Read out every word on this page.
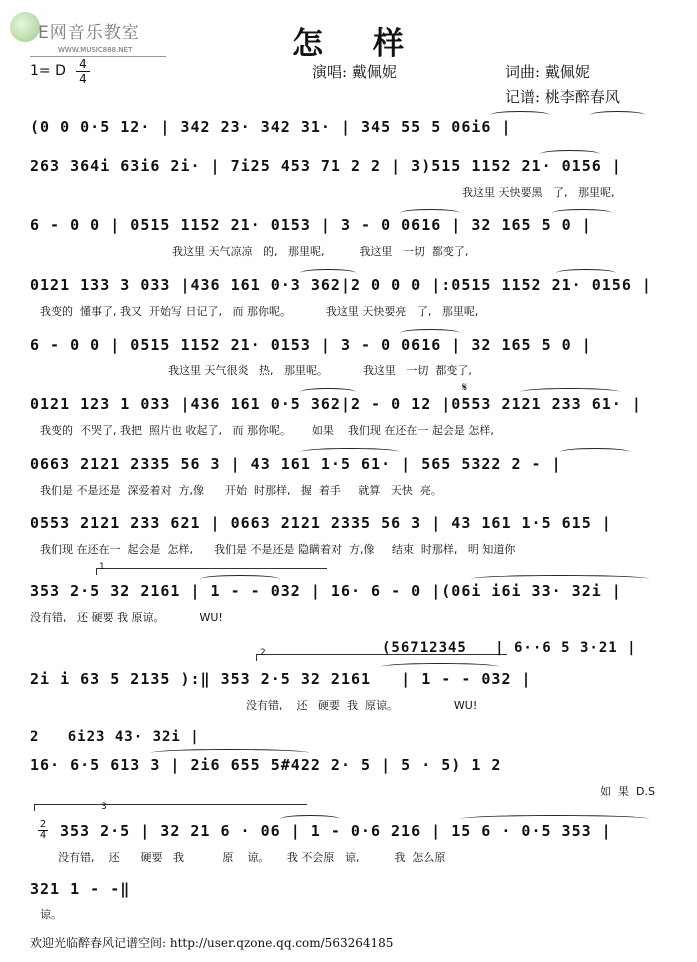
E网音乐教室
WWW.MUSIC888.NET	怎样
演唱: 戴佩妮	词曲: 戴佩妮
记谱: 桃李醉春风
1= D 4
4
(0 0 0·5 12· | 342 23· 342 31· | 345 55 5 06i6 |
263 364i 63i6 2i· | 7i25 453 71 2 2 | 3)515 1152 21· 0156 |
我这里 天快要黑   了,   那里呢,
6 - 0 0 | 0515 1152 21· 0153 | 3 - 0 0616 | 32 165 5 0 |
我这里 天气凉凉   的,   那里呢,          我这里   一切  都变了,
0121 133 3 033 |436 161 0·3 362|2 0 0 0 |:0515 1152 21· 0156 |
我变的  懂事了, 我又  开始写 日记了,   而 那你呢。          我这里 天快要亮   了,   那里呢,
6 - 0 0 | 0515 1152 21· 0153 | 3 - 0 0616 | 32 165 5 0 |
我这里 天气很炎   热,   那里呢。          我这里   一切  都变了,
𝄋
0121 123 1 033 |436 161 0·5 362|2 - 0 12 |0553 2121 233 61· |
我变的  不哭了, 我把  照片也 收起了,   而 那你呢。      如果    我们现 在还在一 起会是 怎样,
0663 2121 2335 56 3 | 43 161 1·5 61· | 565 5322 2 - |
我们是 不是还是  深爱着对  方,像      开始  时那样,   握  着手     就算   天快  亮。
0553 2121 233 621 | 0663 2121 2335 56 3 | 43 161 1·5 615 |
我们现 在还在一  起会是  怎样,      我们是 不是还是 隐瞒着对  方,像     结束  时那样,   明 知道你
1
353 2·5 32 2161 | 1 - - 032 | 16· 6 - 0 |(06i i6i 33· 32i |
没有错,   还 硬要 我 原谅。          WU!
2	(56712345   | 6··6 5 3·21 |
2i i 63 5 2135 ):‖ 353 2·5 32 2161   | 1 - - 032 |
没有错,    还   硬要  我  原谅。                WU!
2   6i23 43· 32i |
16· 6·5 613 3 | 2i6 655 5#422 2· 5 | 5 · 5) 1 2
如  果  D.S
3
2
4 353 2·5 | 32 21 6 · 06 | 1 - 0·6 216 | 15 6 · 0·5 353 |
没有错,    还      硬要   我           原    谅。     我 不会原   谅,          我  怎么原
321 1 - -‖
谅。
欢迎光临醉春风记谱空间: http://user.qzone.qq.com/563264185
